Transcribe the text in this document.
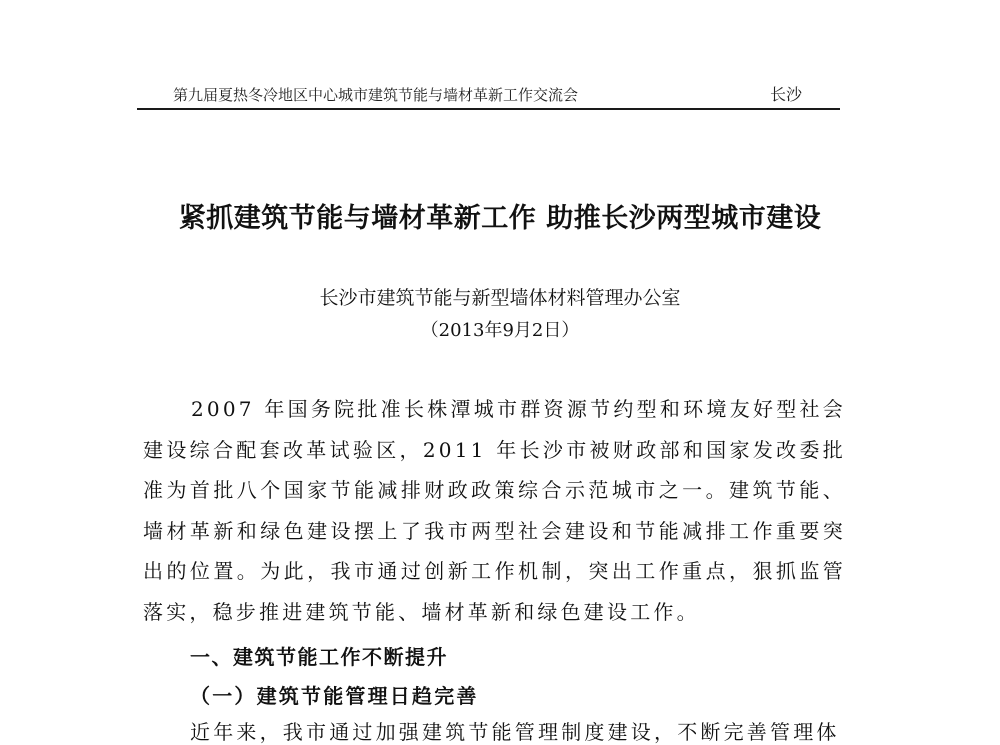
第九届夏热冬冷地区中心城市建筑节能与墙材革新工作交流会	长沙
紧抓建筑节能与墙材革新工作 助推长沙两型城市建设
长沙市建筑节能与新型墙体材料管理办公室
（2013年9月2日）

2007 年国务院批准长株潭城市群资源节约型和环境友好型社会建设综合配套改革试验区，2011 年长沙市被财政部和国家发改委批准为首批八个国家节能减排财政政策综合示范城市之一。建筑节能、墙材革新和绿色建设摆上了我市两型社会建设和节能减排工作重要突出的位置。为此，我市通过创新工作机制，突出工作重点，狠抓监管落实，稳步推进建筑节能、墙材革新和绿色建设工作。

一、建筑节能工作不断提升
（一）建筑节能管理日趋完善

近年来，我市通过加强建筑节能管理制度建设，不断完善管理体
